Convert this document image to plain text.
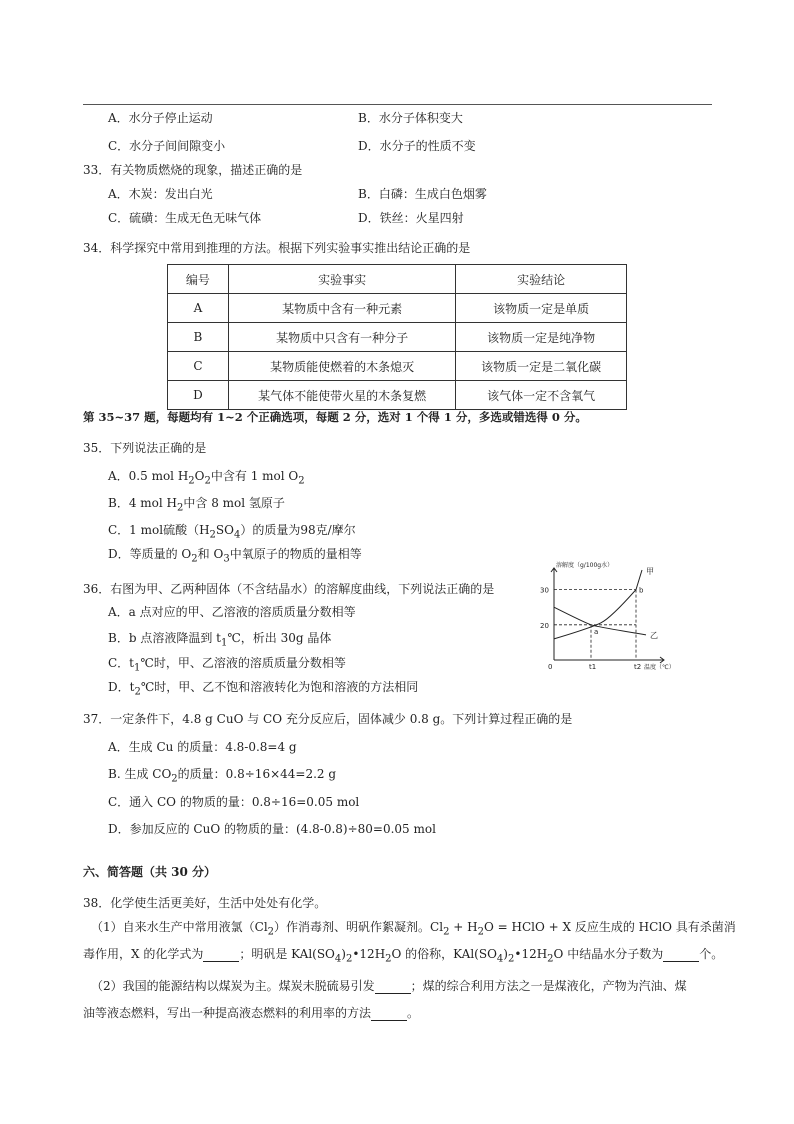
A．水分子停止运动	B．水分子体积变大
C．水分子间间隙变小	D．水分子的性质不变
33．有关物质燃烧的现象，描述正确的是
A．木炭：发出白光	B．白磷：生成白色烟雾
C．硫磺：生成无色无味气体	D．铁丝：火星四射
34．科学探究中常用到推理的方法。根据下列实验事实推出结论正确的是
编号	实验事实	实验结论
A	某物质中含有一种元素	该物质一定是单质
B	某物质中只含有一种分子	该物质一定是纯净物
C	某物质能使燃着的木条熄灭	该物质一定是二氧化碳
D	某气体不能使带火星的木条复燃	该气体一定不含氧气
第 35~37 题，每题均有 1~2 个正确选项，每题 2 分，选对 1 个得 1 分，多选或错选得 0 分。
35．下列说法正确的是
A．0.5 mol $H_2O_2$中含有 1 mol $O_2$
B．4 mol $H_2$中含 8 mol 氢原子
C．1 mol硫酸$(H_2SO_4)$的质量为98克/摩尔
D．等质量的 $O_2$和 $O_3$中氧原子的物质的量相等
36．右图为甲、乙两种固体（不含结晶水）的溶解度曲线，下列说法正确的是
A．a 点对应的甲、乙溶液的溶质质量分数相等
B．b 点溶液降温到 $t_1℃$，析出 30g 晶体
C．$t_1℃$时，甲、乙溶液的溶质质量分数相等
D．$t_2℃$时，甲、乙不饱和溶液转化为饱和溶液的方法相同
溶解度（g/100g水）
温度（℃）
0	t1	t2
20
30
甲
乙
a
b
37．一定条件下，4.8 g CuO 与 CO 充分反应后，固体减少 0.8 g。下列计算过程正确的是
A．生成 Cu 的质量：4.8-0.8=4 g
B. 生成 $CO_2$的质量：0.8÷16×44=2.2 g
C．通入 CO 的物质的量：0.8÷16=0.05 mol
D．参加反应的 CuO 的物质的量：(4.8-0.8)÷80=0.05 mol
六、简答题（共 30 分）
38．化学使生活更美好，生活中处处有化学。
（1）自来水生产中常用液氯$(Cl_2)$作消毒剂、明矾作絮凝剂。$Cl_2 + H_2O$ = HClO + X 反应生成的 HClO 具有杀菌消
毒作用，X 的化学式为	；明矾是 $KAl(SO_4)_2•12H_2O$ 的俗称，$KAl(SO_4)_2•12H_2O$ 中结晶水分子数为	个。
（2）我国的能源结构以煤炭为主。煤炭未脱硫易引发	；煤的综合利用方法之一是煤液化，产物为汽油、煤
油等液态燃料，写出一种提高液态燃料的利用率的方法	。
